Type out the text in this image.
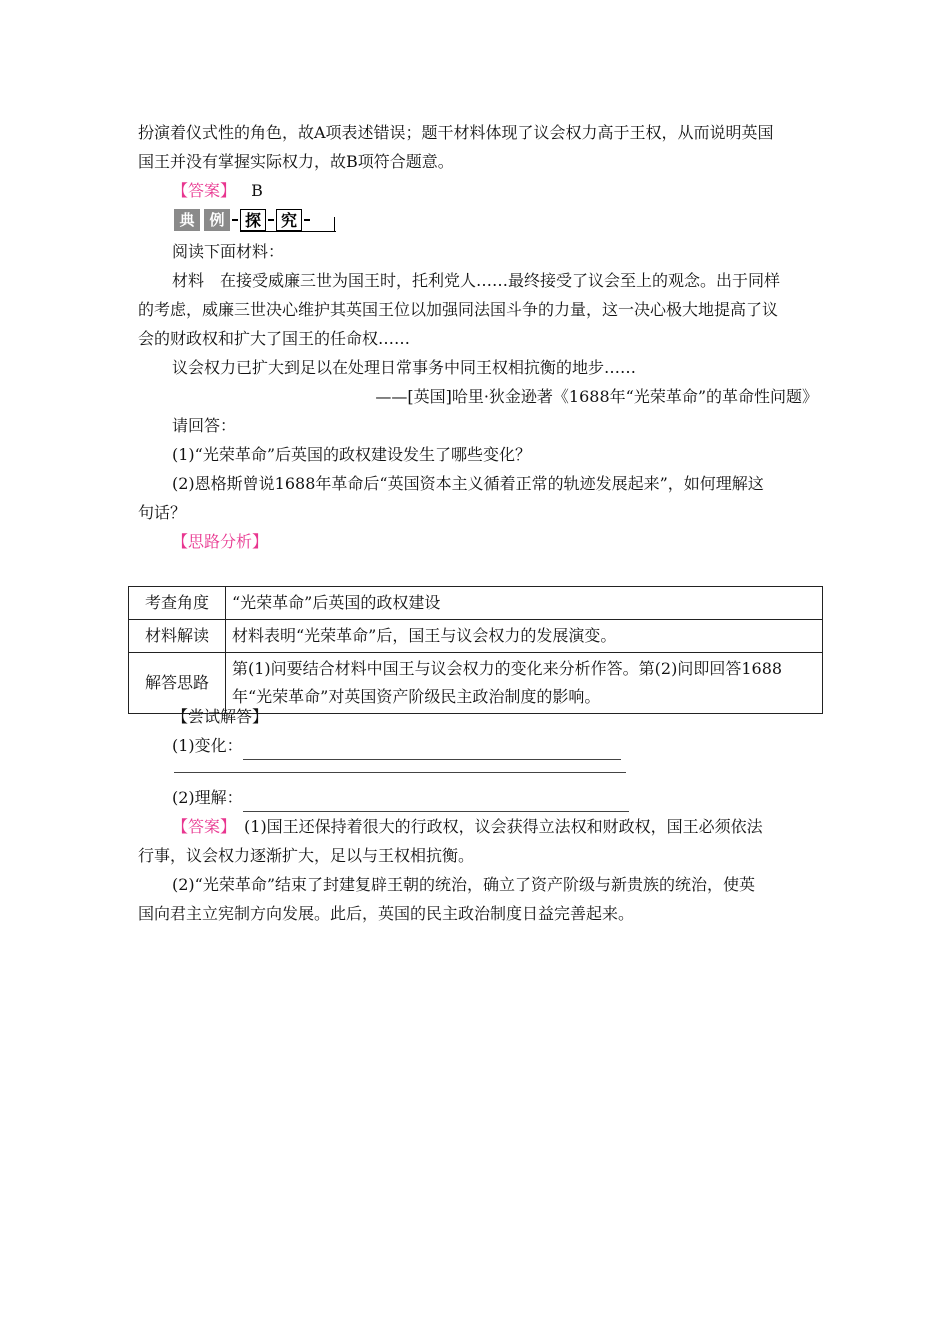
扮演着仪式性的角色，故A项表述错误；题干材料体现了议会权力高于王权，从而说明英国

国王并没有掌握实际权力，故B项符合题意。

【答案】 B

典 例	探	究

阅读下面材料：

材料　在接受威廉三世为国王时，托利党人……最终接受了议会至上的观念。出于同样

的考虑，威廉三世决心维护其英国王位以加强同法国斗争的力量，这一决心极大地提高了议

会的财政权和扩大了国王的任命权……

议会权力已扩大到足以在处理日常事务中同王权相抗衡的地步……

——[英国]哈里·狄金逊著《1688年“光荣革命”的革命性问题》

请回答：

(1)“光荣革命”后英国的政权建设发生了哪些变化？

(2)恩格斯曾说1688年革命后“英国资本主义循着正常的轨迹发展起来”，如何理解这

句话？

【思路分析】

考查角度	“光荣革命”后英国的政权建设
材料解读	材料表明“光荣革命”后，国王与议会权力的发展演变。
解答思路	第(1)问要结合材料中国王与议会权力的变化来分析作答。第(2)问即回答1688年“光荣革命”对英国资产阶级民主政治制度的影响。

【尝试解答】

(1)变化：

(2)理解：

【答案】　(1)国王还保持着很大的行政权，议会获得立法权和财政权，国王必须依法

行事，议会权力逐渐扩大，足以与王权相抗衡。

(2)“光荣革命”结束了封建复辟王朝的统治，确立了资产阶级与新贵族的统治，使英

国向君主立宪制方向发展。此后，英国的民主政治制度日益完善起来。
